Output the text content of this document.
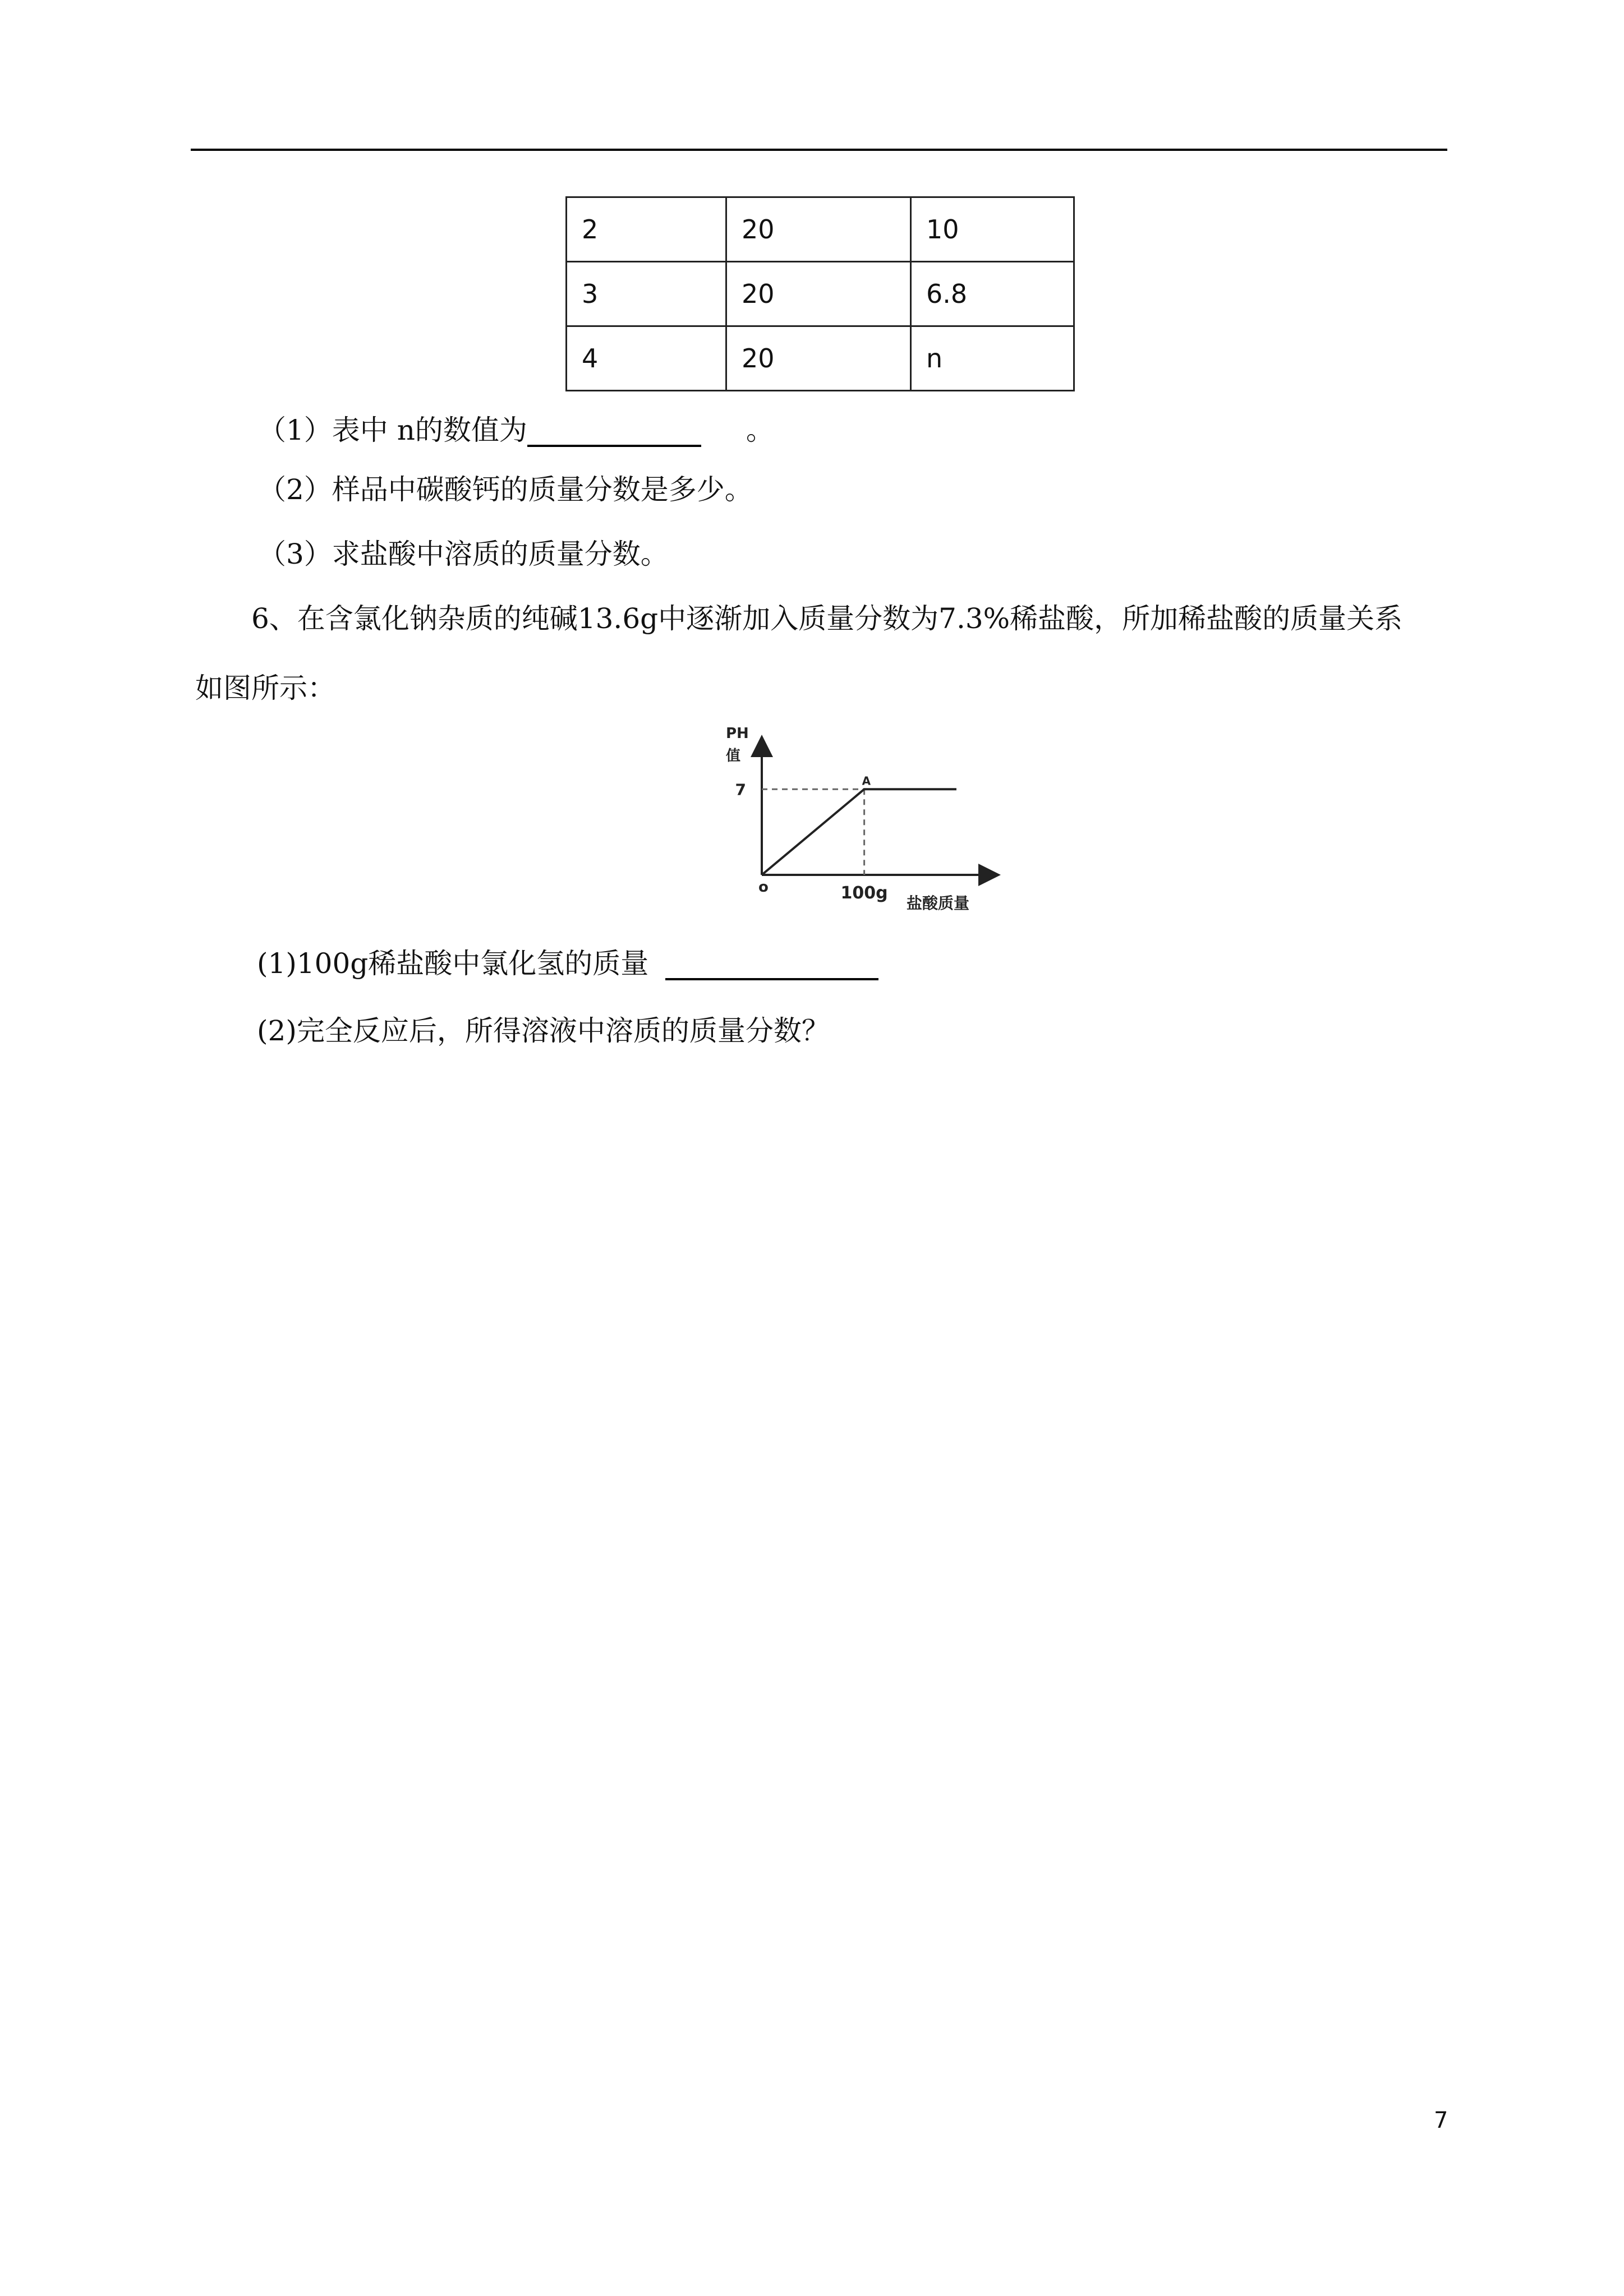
2	20	10
3	20	6.8
4	20	n
（1）表中 n的数值为	。
（2）样品中碳酸钙的质量分数是多少。
（3）求盐酸中溶质的质量分数。
6、在含氯化钠杂质的纯碱13.6g中逐渐加入质量分数为7.3%稀盐酸，所加稀盐酸的质量关系
如图所示：
PH
值
7
100g
A
o
盐酸质量
(1)100g稀盐酸中氯化氢的质量
(2)完全反应后，所得溶液中溶质的质量分数？
7
